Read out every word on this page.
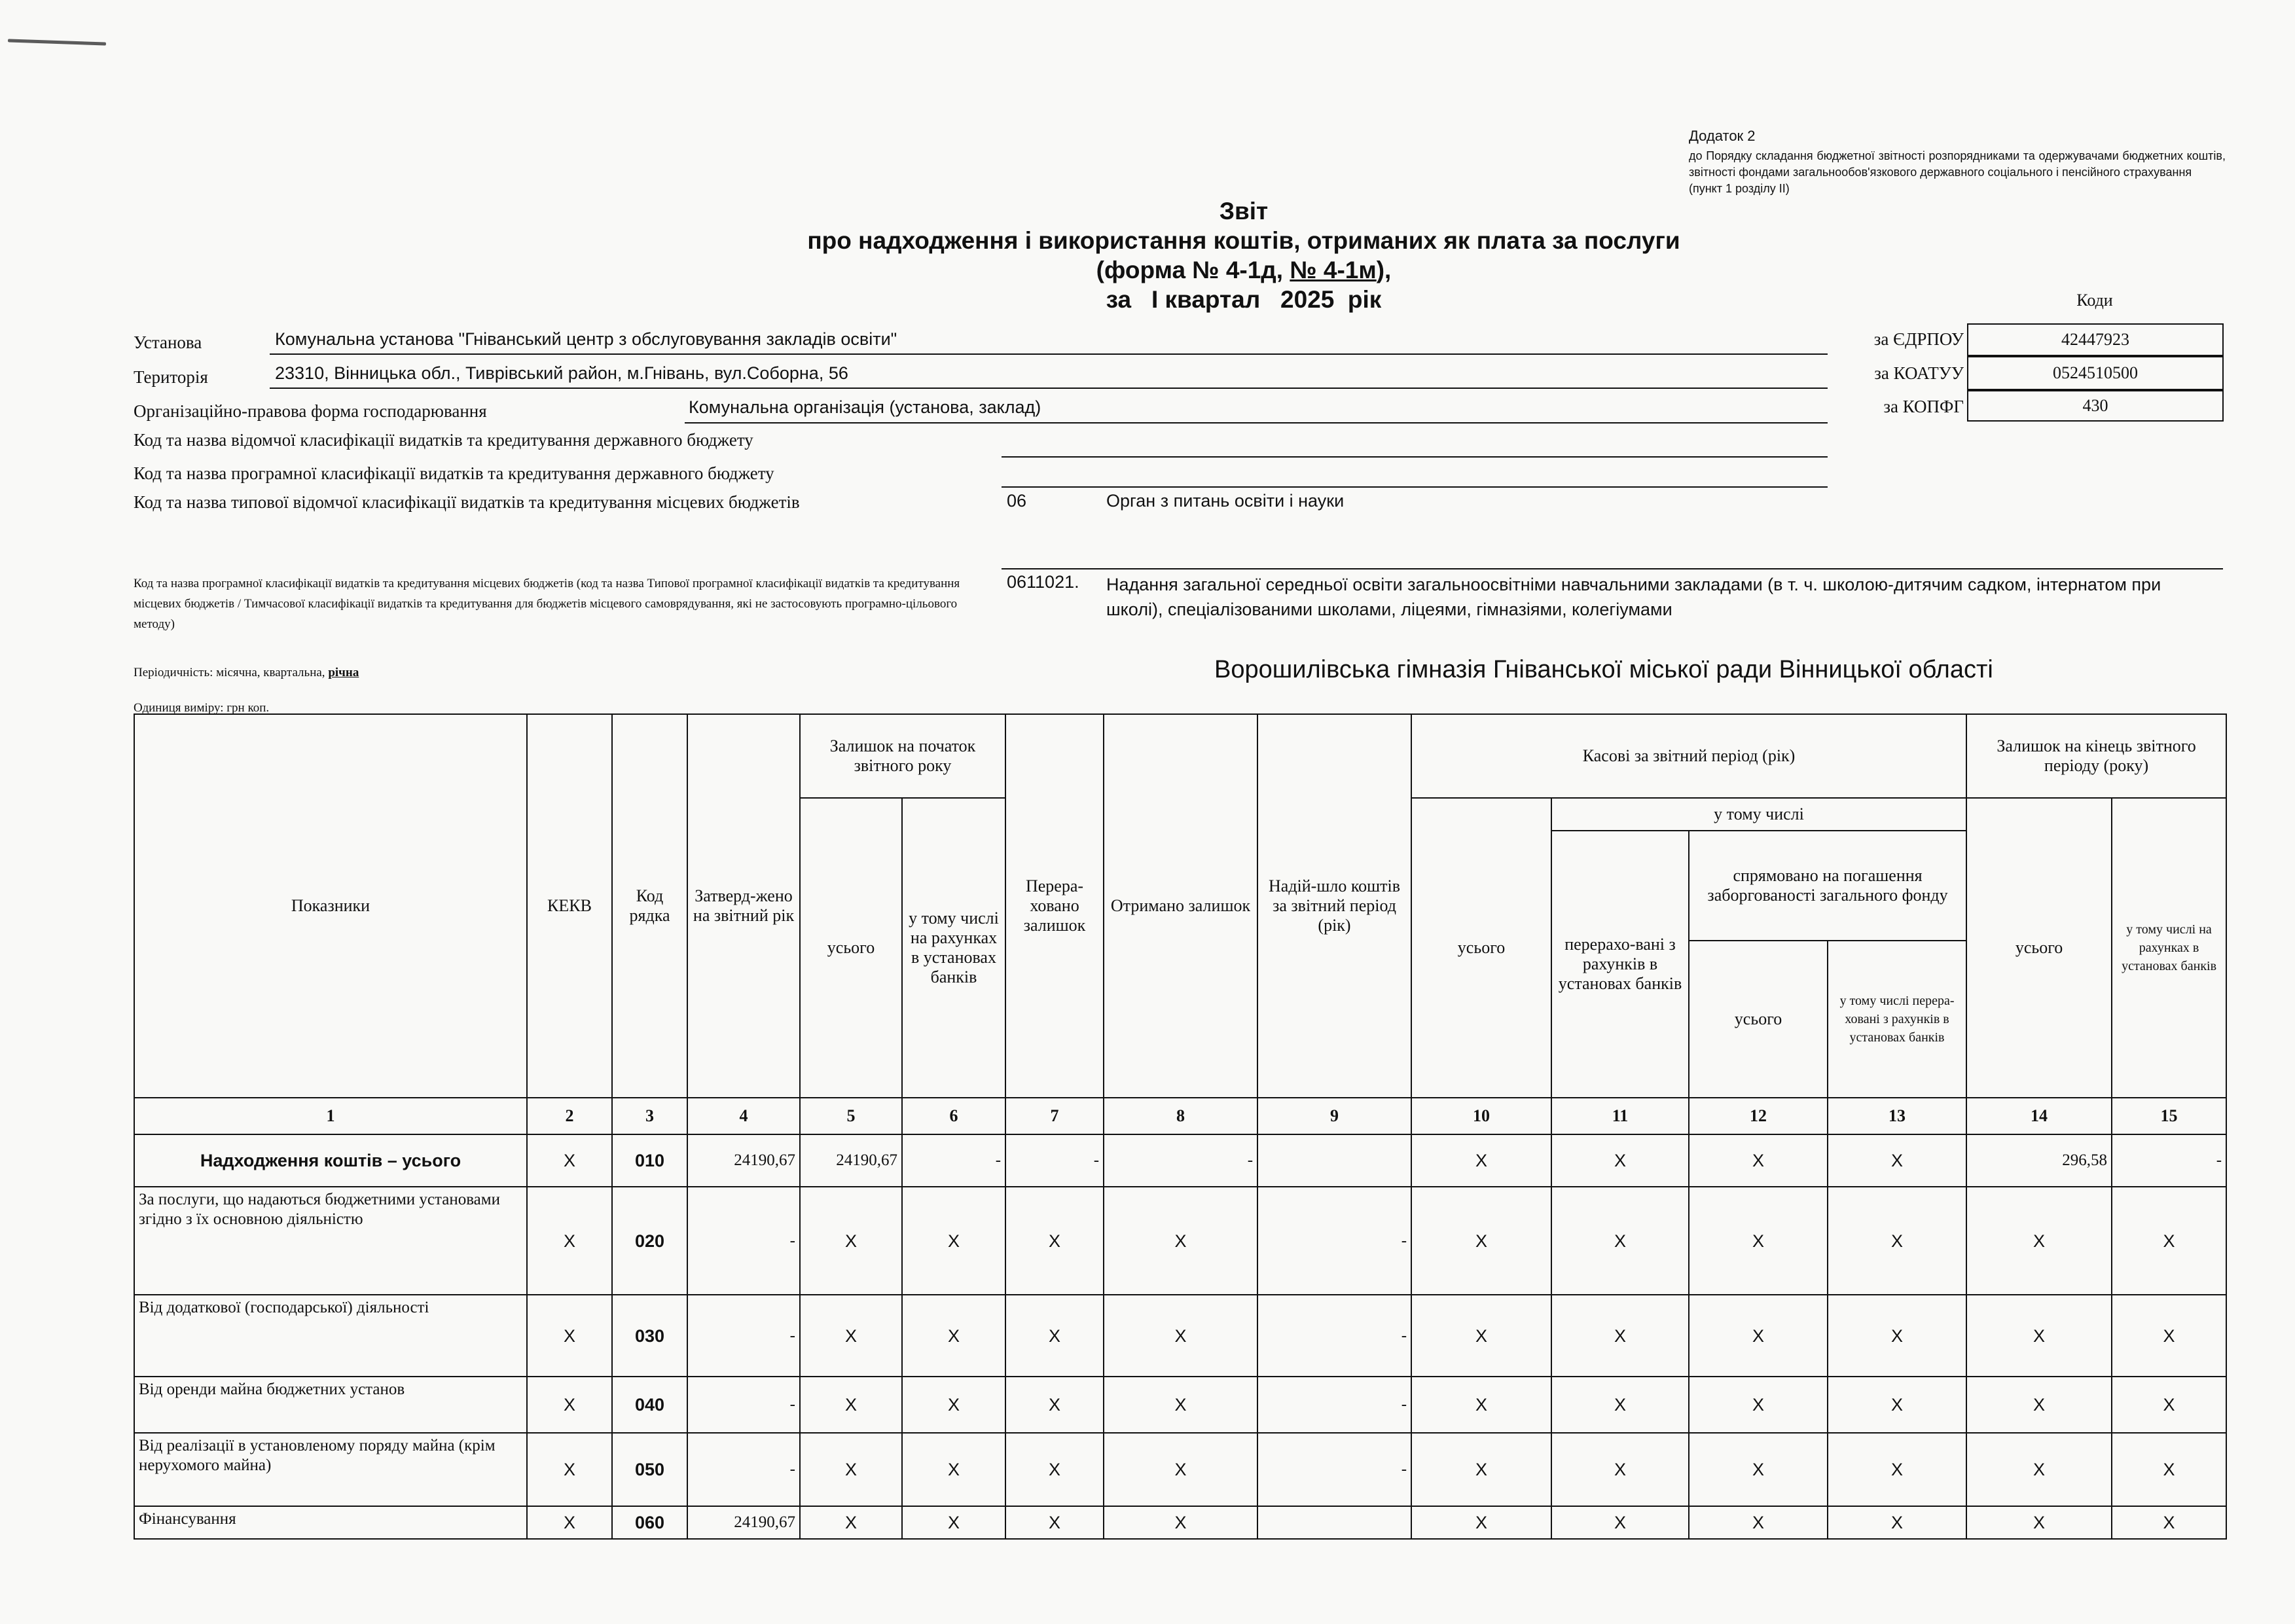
Додаток 2
до Порядку складання бюджетної звітності розпорядниками та одержувачами бюджетних коштів, звітності фондами загальнообов'язкового державного соціального і пенсійного страхування
(пункт 1 розділу II)
Звіт
про надходження і використання коштів, отриманих як плата за послуги
(форма № 4-1д, № 4-1м),
за   І квартал   2025  рік	Коди
Установа	Комунальна установа "Гніванський центр з обслуговування закладів освіти"
Територія	23310, Вінницька обл., Тиврівський район, м.Гнівань, вул.Соборна, 56
Організаційно-правова форма господарювання	Комунальна організація (установа, заклад)
за ЄДРПОУ	42447923
за КОАТУУ	0524510500
за КОПФГ	430
Код та назва відомчої класифікації видатків та кредитування державного бюджету
Код та назва програмної класифікації видатків та кредитування державного бюджету
Код та назва типової відомчої класифікації видатків та кредитування місцевих бюджетів	06	Орган з питань освіти і науки
Код та назва програмної класифікації видатків та кредитування місцевих бюджетів (код та назва Типової програмної класифікації видатків та кредитування місцевих бюджетів / Тимчасової класифікації видатків та кредитування для бюджетів місцевого самоврядування, які не застосовують програмно-цільового методу)
0611021. Надання загальної середньої освіти загальноосвітніми навчальними закладами (в т. ч. школою-дитячим садком, інтернатом при школі), спеціалізованими школами, ліцеями, гімназіями, колегіумами
Періодичність: місячна, квартальна, річна
Одиниця виміру: грн коп.
Ворошилівська гімназія Гніванської міської ради Вінницької області
Показники	КЕКВ	Код рядка	Затверд-жено на звітний рік	Залишок на початок звітного року		Перера-ховано залишок	Отримано залишок	Надій-шло коштів за звітний період (рік)	Касові за звітний період (рік)				Залишок на кінець звітного періоду (року)	
				усього	у тому числі на рахунках в установах банків				усього	у тому числі			усього	у тому числі на рахунках в установах банків
										перерахо-вані з рахунків в установах банків	спрямовано на погашення заборгованості загального фонду			
											усього	у тому числі перера-ховані з рахунків в установах банків		
1	2	3	4	5	6	7	8	9	10	11	12	13	14	15
Надходження коштів – усього	Х	010	24190,67	24190,67	-	-	-		Х	Х	Х	Х	296,58	-
За послуги, що надаються бюджетними установами згідно з їх основною діяльністю	Х	020	-	Х	Х	Х	Х	-	Х	Х	Х	Х	Х	Х
Від додаткової (господарської) діяльності	Х	030	-	Х	Х	Х	Х	-	Х	Х	Х	Х	Х	Х
Від оренди майна бюджетних установ	Х	040	-	Х	Х	Х	Х	-	Х	Х	Х	Х	Х	Х
Від реалізації в установленому поряду майна (крім нерухомого майна)	Х	050	-	Х	Х	Х	Х	-	Х	Х	Х	Х	Х	Х
Фінансування	Х	060	24190,67	Х	Х	Х	Х		Х	Х	Х	Х	Х	Х
